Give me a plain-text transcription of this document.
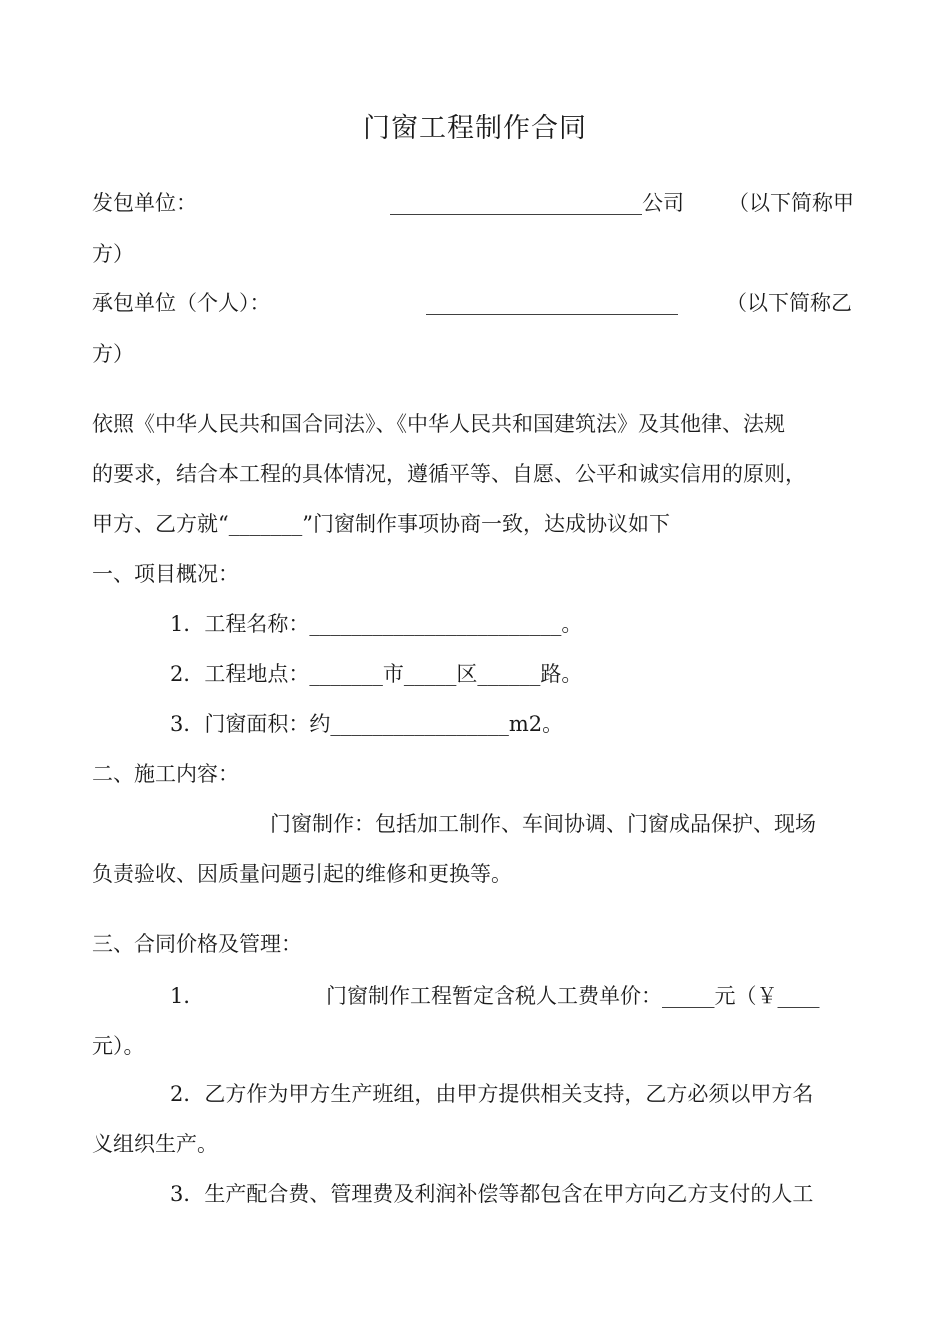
门窗工程制作合同
发包单位：	________________________公司 （以下简称甲
方）
承包单位（个人）：	________________________ （以下简称乙
方）
依照《中华人民共和国合同法》、《中华人民共和国建筑法》及其他律、法规
的要求，结合本工程的具体情况，遵循平等、自愿、公平和诚实信用的原则，
甲方、乙方就“_______”门窗制作事项协商一致，达成协议如下
一、项目概况：
1．工程名称：________________________。
2．工程地点：_______市_____区______路。
3．门窗面积：约_________________m2。
二、施工内容：
门窗制作：包括加工制作、车间协调、门窗成品保护、现场
负责验收、因质量问题引起的维修和更换等。
三、合同价格及管理：
1．	门窗制作工程暂定含税人工费单价：_____元（￥____
元）。
2．乙方作为甲方生产班组，由甲方提供相关支持，乙方必须以甲方名
义组织生产。
3．生产配合费、管理费及利润补偿等都包含在甲方向乙方支付的人工
